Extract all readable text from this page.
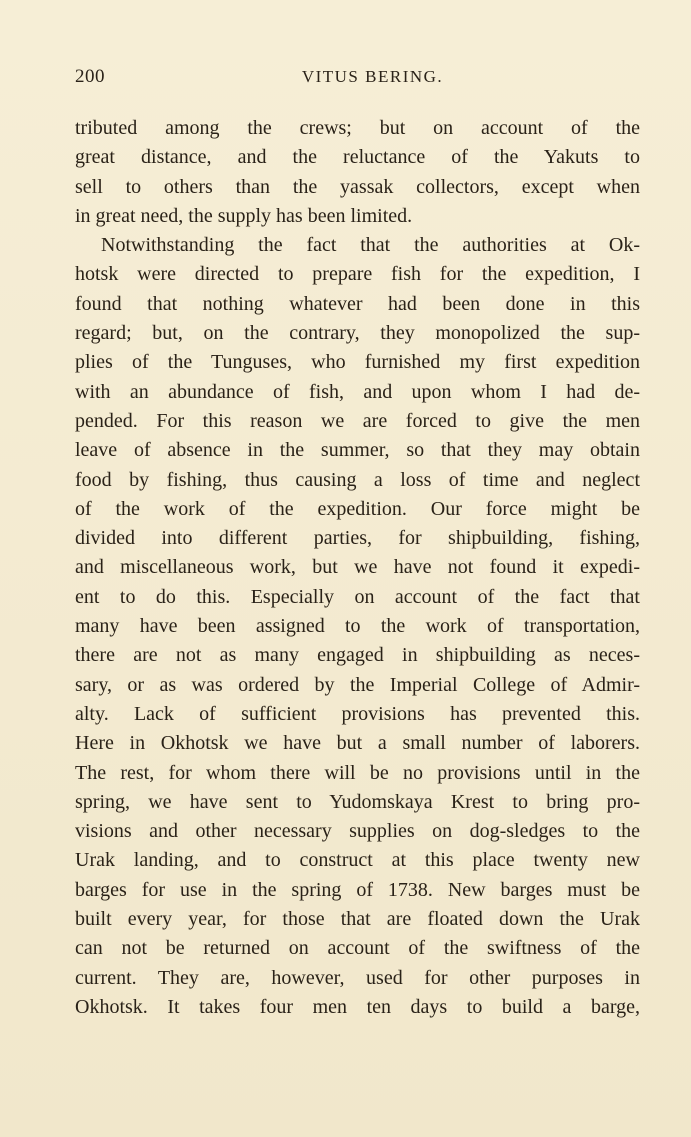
200	VITUS BERING.
tributed among the crews; but on account of the
great distance, and the reluctance of the Yakuts to
sell to others than the yassak collectors, except when
in great need, the supply has been limited.
Notwithstanding the fact that the authorities at Ok-
hotsk were directed to prepare fish for the expedition, I
found that nothing whatever had been done in this
regard; but, on the contrary, they monopolized the sup-
plies of the Tunguses, who furnished my first expedition
with an abundance of fish, and upon whom I had de-
pended. For this reason we are forced to give the men
leave of absence in the summer, so that they may obtain
food by fishing, thus causing a loss of time and neglect
of the work of the expedition. Our force might be
divided into different parties, for shipbuilding, fishing,
and miscellaneous work, but we have not found it expedi-
ent to do this. Especially on account of the fact that
many have been assigned to the work of transportation,
there are not as many engaged in shipbuilding as neces-
sary, or as was ordered by the Imperial College of Admir-
alty. Lack of sufficient provisions has prevented this.
Here in Okhotsk we have but a small number of laborers.
The rest, for whom there will be no provisions until in the
spring, we have sent to Yudomskaya Krest to bring pro-
visions and other necessary supplies on dog-sledges to the
Urak landing, and to construct at this place twenty new
barges for use in the spring of 1738. New barges must be
built every year, for those that are floated down the Urak
can not be returned on account of the swiftness of the
current. They are, however, used for other purposes in
Okhotsk. It takes four men ten days to build a barge,
